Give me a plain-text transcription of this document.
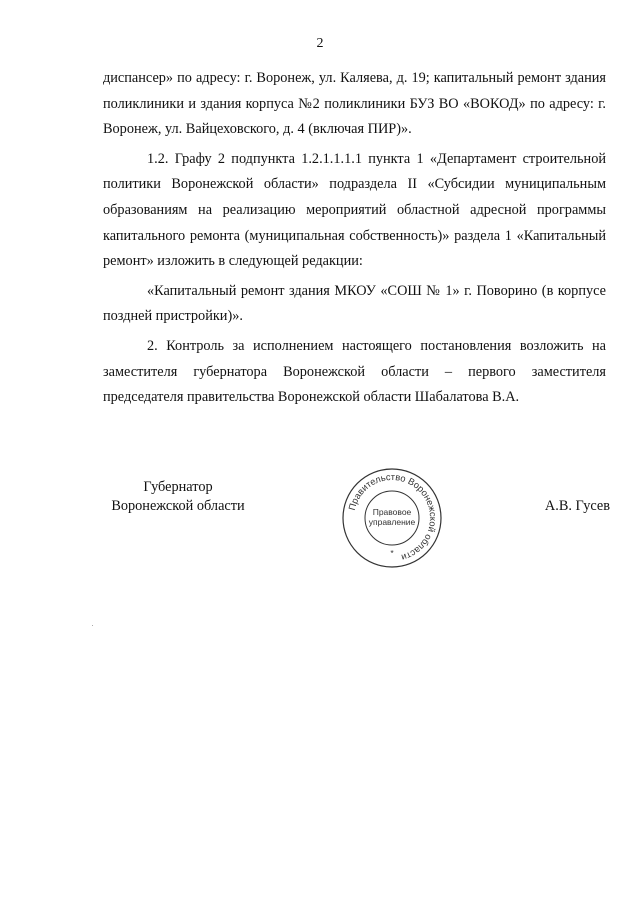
2

диспансер» по адресу: г. Воронеж, ул. Каляева, д. 19; капитальный ремонт здания поликлиники и здания корпуса №2 поликлиники БУЗ ВО «ВОКОД» по адресу: г. Воронеж, ул. Вайцеховского, д. 4 (включая ПИР)».

1.2. Графу 2 подпункта 1.2.1.1.1.1 пункта 1 «Департамент строительной политики Воронежской области» подраздела II «Субсидии муниципальным образованиям на реализацию мероприятий областной адресной программы капитального ремонта (муниципальная собственность)» раздела 1 «Капитальный ремонт» изложить в следующей редакции:

«Капитальный ремонт здания МКОУ «СОШ № 1» г. Поворино (в корпусе поздней пристройки)».

2. Контроль за исполнением настоящего постановления возложить на заместителя губернатора Воронежской области – первого заместителя председателя правительства Воронежской области Шабалатова В.А.

Губернатор
Воронежской области	А.В. Гусев
Правительство Воронежской области
Правовое
управление
*
